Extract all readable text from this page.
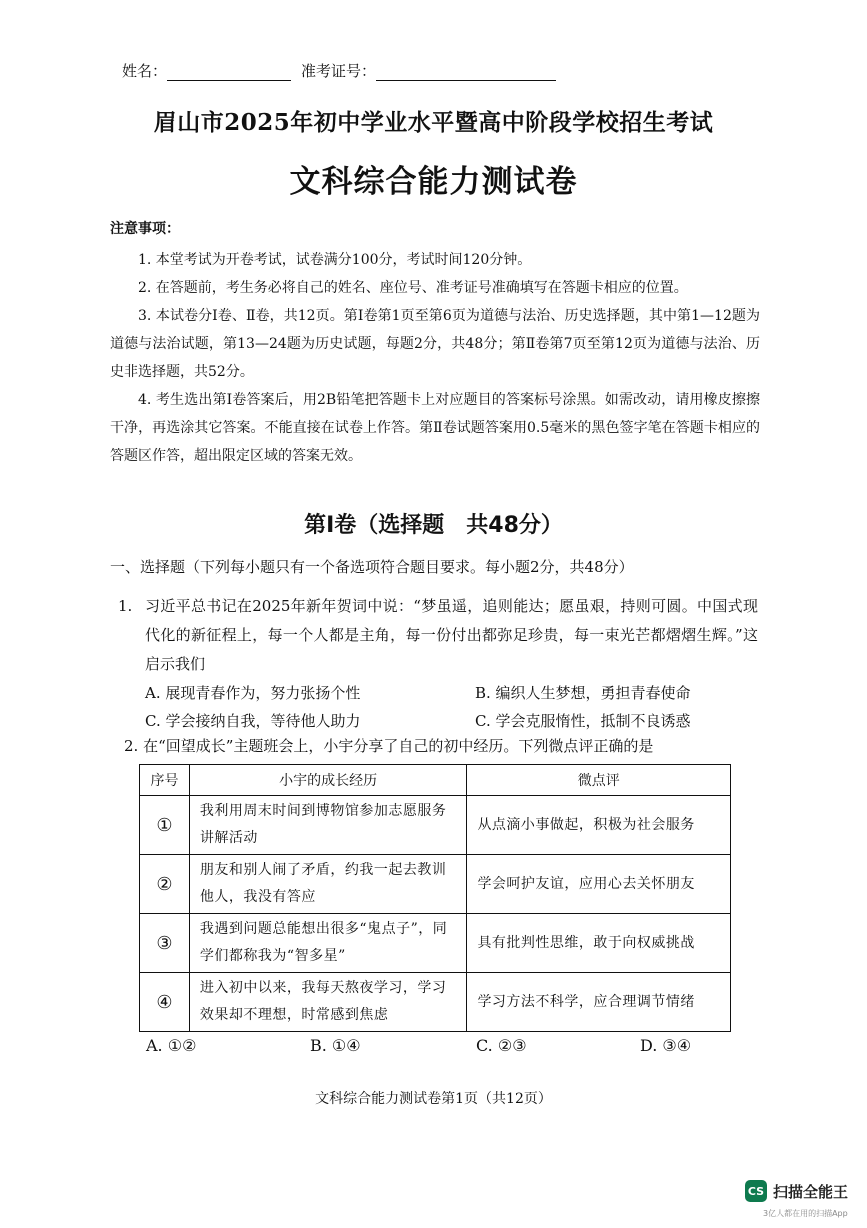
姓名：	准考证号：
眉山市2025年初中学业水平暨高中阶段学校招生考试
文科综合能力测试卷
注意事项：

1. 本堂考试为开卷考试，试卷满分100分，考试时间120分钟。

2. 在答题前，考生务必将自己的姓名、座位号、准考证号准确填写在答题卡相应的位置。

3. 本试卷分Ⅰ卷、Ⅱ卷，共12页。第Ⅰ卷第1页至第6页为道德与法治、历史选择题，其中第1—12题为道德与法治试题，第13—24题为历史试题，每题2分，共48分；第Ⅱ卷第7页至第12页为道德与法治、历史非选择题，共52分。

4. 考生选出第Ⅰ卷答案后，用2B铅笔把答题卡上对应题目的答案标号涂黑。如需改动，请用橡皮擦擦干净，再选涂其它答案。不能直接在试卷上作答。第Ⅱ卷试题答案用0.5毫米的黑色签字笔在答题卡相应的答题区作答，超出限定区域的答案无效。

第Ⅰ卷（选择题　共48分）
一、选择题（下列每小题只有一个备选项符合题目要求。每小题2分，共48分）
1. 习近平总书记在2025年新年贺词中说：“梦虽遥，追则能达；愿虽艰，持则可圆。中国式现代化的新征程上，每一个人都是主角，每一份付出都弥足珍贵，每一束光芒都熠熠生辉。”这启示我们
A. 展现青春作为，努力张扬个性	B. 编织人生梦想，勇担青春使命
C. 学会接纳自我，等待他人助力	C. 学会克服惰性，抵制不良诱惑
2. 在“回望成长”主题班会上，小宇分享了自己的初中经历。下列微点评正确的是
序号	小宇的成长经历	微点评
①	我利用周末时间到博物馆参加志愿服务讲解活动	从点滴小事做起，积极为社会服务
②	朋友和别人闹了矛盾，约我一起去教训他人，我没有答应	学会呵护友谊，应用心去关怀朋友
③	我遇到问题总能想出很多“鬼点子”，同学们都称我为“智多星”	具有批判性思维，敢于向权威挑战
④	进入初中以来，我每天熬夜学习，学习效果却不理想，时常感到焦虑	学习方法不科学，应合理调节情绪
A. ①②	B. ①④	C. ②③	D. ③④
文科综合能力测试卷第1页（共12页）
CS 扫描全能王
3亿人都在用的扫描App
